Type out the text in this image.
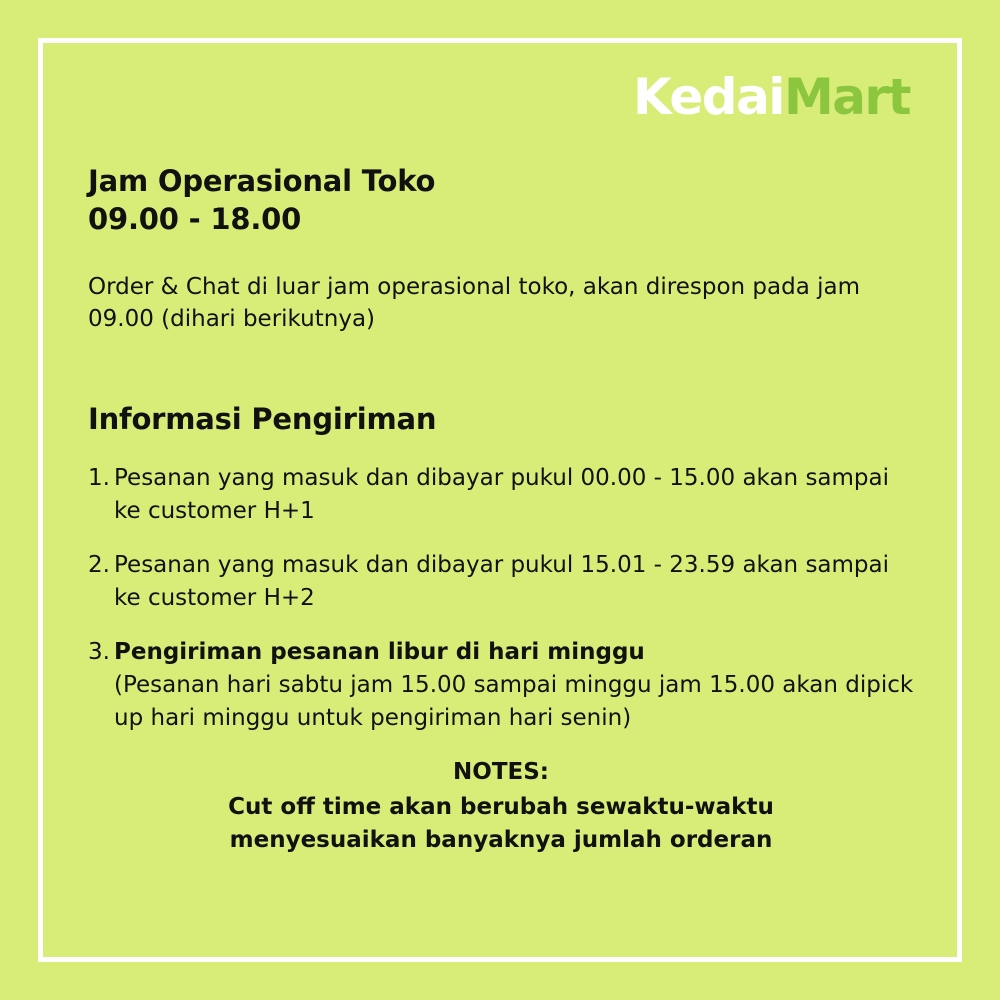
KedaiMart
Jam Operasional Toko
09.00 - 18.00
Order & Chat di luar jam operasional toko, akan direspon pada jam 09.00 (dihari berikutnya)
Informasi Pengiriman
1. Pesanan yang masuk dan dibayar pukul 00.00 - 15.00 akan sampai ke customer H+1
2. Pesanan yang masuk dan dibayar pukul 15.01 - 23.59 akan sampai ke customer H+2
3. Pengiriman pesanan libur di hari minggu
(Pesanan hari sabtu jam 15.00 sampai minggu jam 15.00 akan dipick up hari minggu untuk pengiriman hari senin)
NOTES:
Cut off time akan berubah sewaktu-waktu
menyesuaikan banyaknya jumlah orderan
